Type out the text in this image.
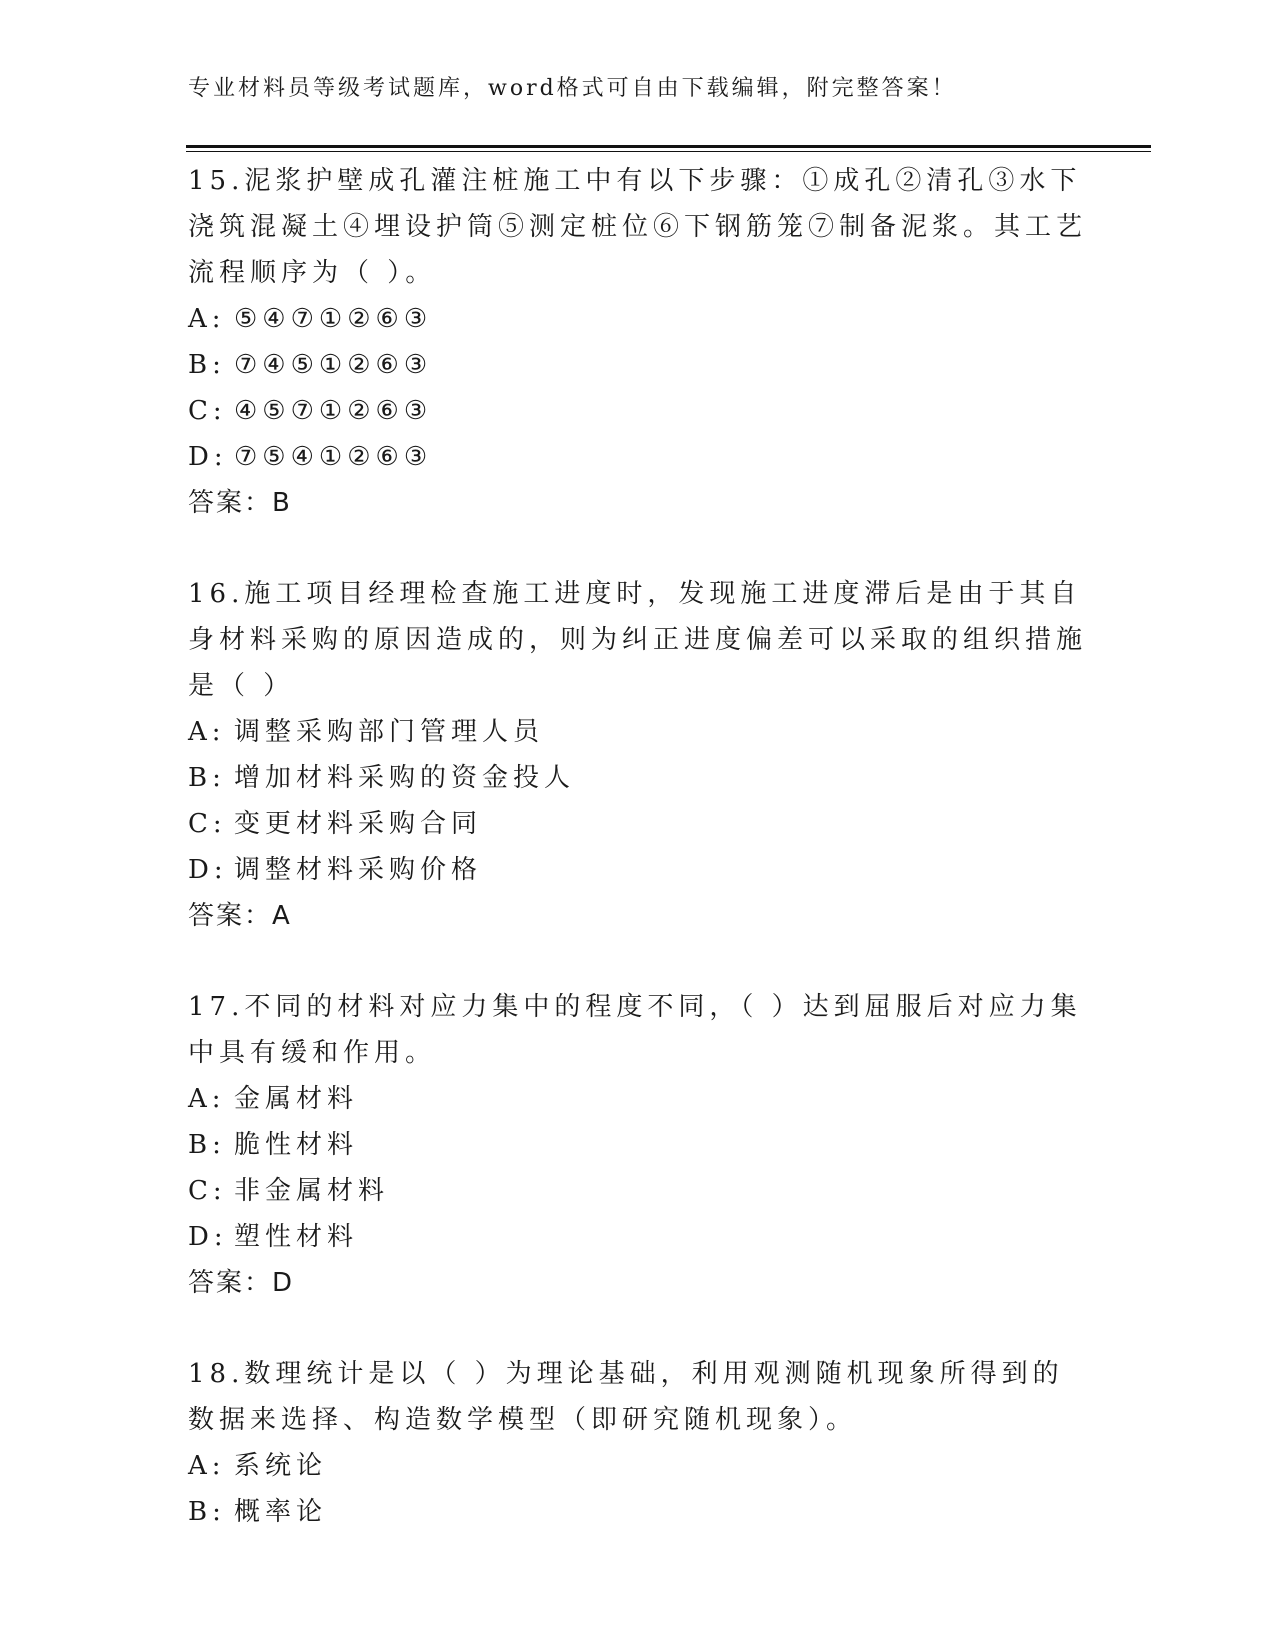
专业材料员等级考试题库，word格式可自由下载编辑，附完整答案！
15.泥浆护壁成孔灌注桩施工中有以下步骤：①成孔②清孔③水下浇筑混凝土④埋设护筒⑤测定桩位⑥下钢筋笼⑦制备泥浆。其工艺流程顺序为（ ）。
A: ⑤④⑦①②⑥③
B: ⑦④⑤①②⑥③
C: ④⑤⑦①②⑥③
D: ⑦⑤④①②⑥③
答案：B
16.施工项目经理检查施工进度时，发现施工进度滞后是由于其自身材料采购的原因造成的，则为纠正进度偏差可以采取的组织措施是（ ）
A: 调整采购部门管理人员
B: 增加材料采购的资金投人
C: 变更材料采购合同
D: 调整材料采购价格
答案：A
17.不同的材料对应力集中的程度不同，（ ）达到屈服后对应力集中具有缓和作用。
A: 金属材料
B: 脆性材料
C: 非金属材料
D: 塑性材料
答案：D
18.数理统计是以（ ）为理论基础，利用观测随机现象所得到的数据来选择、构造数学模型（即研究随机现象）。
A: 系统论
B: 概率论
